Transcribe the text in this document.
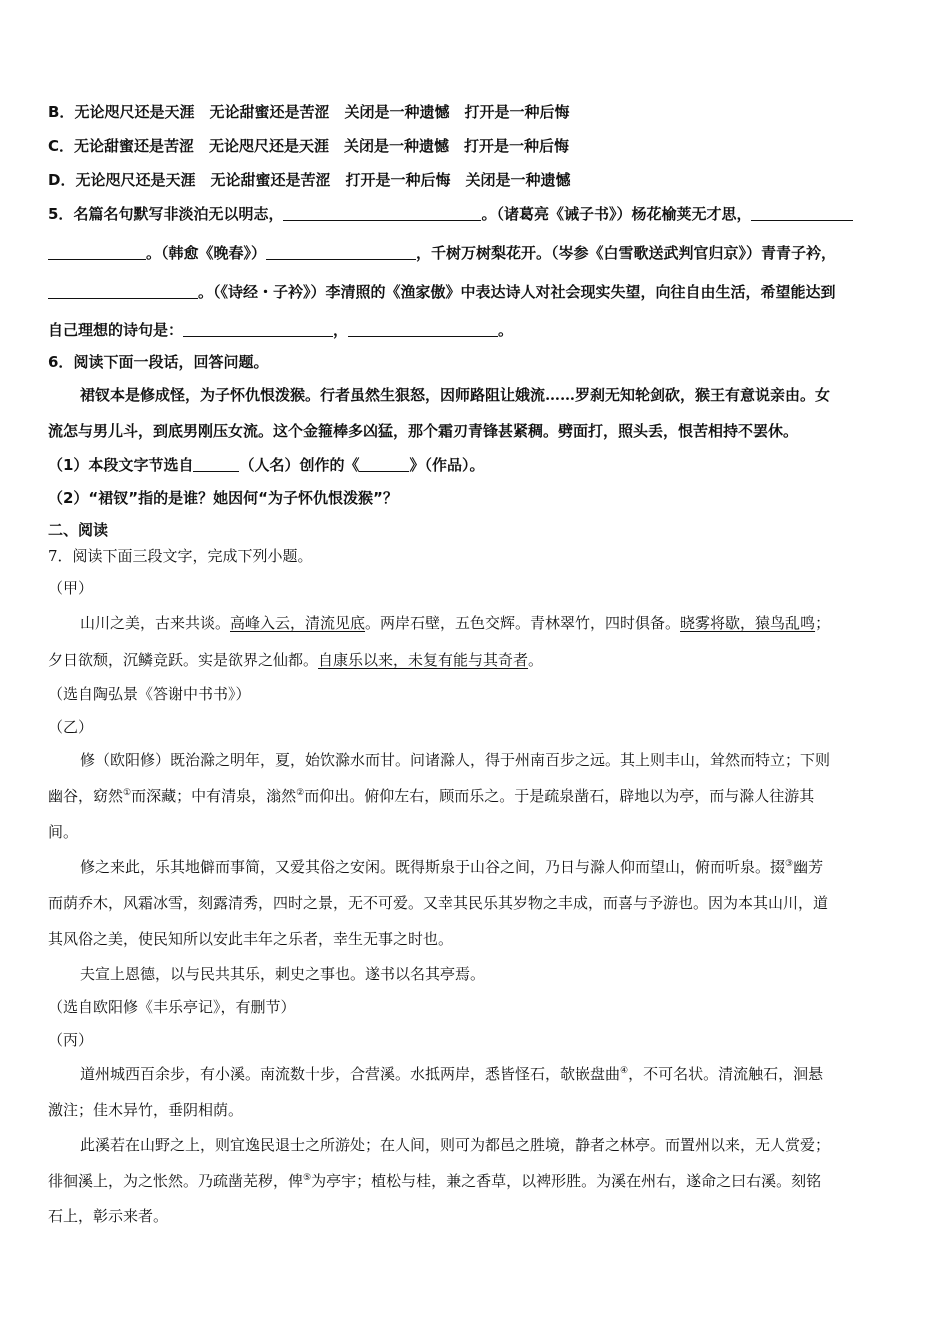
B．无论咫尺还是天涯　无论甜蜜还是苦涩　关闭是一种遗憾　打开是一种后悔
C．无论甜蜜还是苦涩　无论咫尺还是天涯　关闭是一种遗憾　打开是一种后悔
D．无论咫尺还是天涯　无论甜蜜还是苦涩　打开是一种后悔　关闭是一种遗憾
5．名篇名句默写非淡泊无以明志，	。（诸葛亮《诫子书》）杨花榆荚无才思，
。（韩愈《晚春》）	，千树万树梨花开。（岑参《白雪歌送武判官归京》）青青子衿，
。（《诗经・子衿》）李清照的《渔家傲》中表达诗人对社会现实失望，向往自由生活，希望能达到
自己理想的诗句是：	，	。
6．阅读下面一段话，回答问题。
裙钗本是修成怪，为子怀仇恨泼猴。行者虽然生狠怒，因师路阻让娥流……罗刹无知轮剑砍，猴王有意说亲由。女
流怎与男儿斗，到底男刚压女流。这个金箍棒多凶猛，那个霜刃青锋甚紧稠。劈面打，照头丢，恨苦相持不罢休。
（1）本段文字节选自	（人名）创作的《	》（作品）。
（2）“裙钗”指的是谁？她因何“为子怀仇恨泼猴”？
二、阅读
7．阅读下面三段文字，完成下列小题。
（甲）
山川之美，古来共谈。高峰入云，清流见底。两岸石壁，五色交辉。青林翠竹，四时俱备。晓雾将歇，猿鸟乱鸣；
夕日欲颓，沉鳞竞跃。实是欲界之仙都。自康乐以来，未复有能与其奇者。
（选自陶弘景《答谢中书书》）
（乙）
修（欧阳修）既治滁之明年，夏，始饮滁水而甘。问诸滁人，得于州南百步之远。其上则丰山，耸然而特立；下则
幽谷，窈然①而深藏；中有清泉，滃然②而仰出。俯仰左右，顾而乐之。于是疏泉凿石，辟地以为亭，而与滁人往游其
间。
修之来此，乐其地僻而事简，又爱其俗之安闲。既得斯泉于山谷之间，乃日与滁人仰而望山，俯而听泉。掇③幽芳
而荫乔木，风霜冰雪，刻露清秀，四时之景，无不可爱。又幸其民乐其岁物之丰成，而喜与予游也。因为本其山川，道
其风俗之美，使民知所以安此丰年之乐者，幸生无事之时也。
夫宣上恩德，以与民共其乐，刺史之事也。遂书以名其亭焉。
（选自欧阳修《丰乐亭记》，有删节）
（丙）
道州城西百余步，有小溪。南流数十步，合营溪。水抵两岸，悉皆怪石，欹嵌盘曲④，不可名状。清流触石，洄悬
激注；佳木异竹，垂阴相荫。
此溪若在山野之上，则宜逸民退士之所游处；在人间，则可为都邑之胜境，静者之林亭。而置州以来，无人赏爱；
徘徊溪上，为之怅然。乃疏凿芜秽，俾⑤为亭宇；植松与桂，兼之香草，以裨形胜。为溪在州右，遂命之曰右溪。刻铭
石上，彰示来者。
